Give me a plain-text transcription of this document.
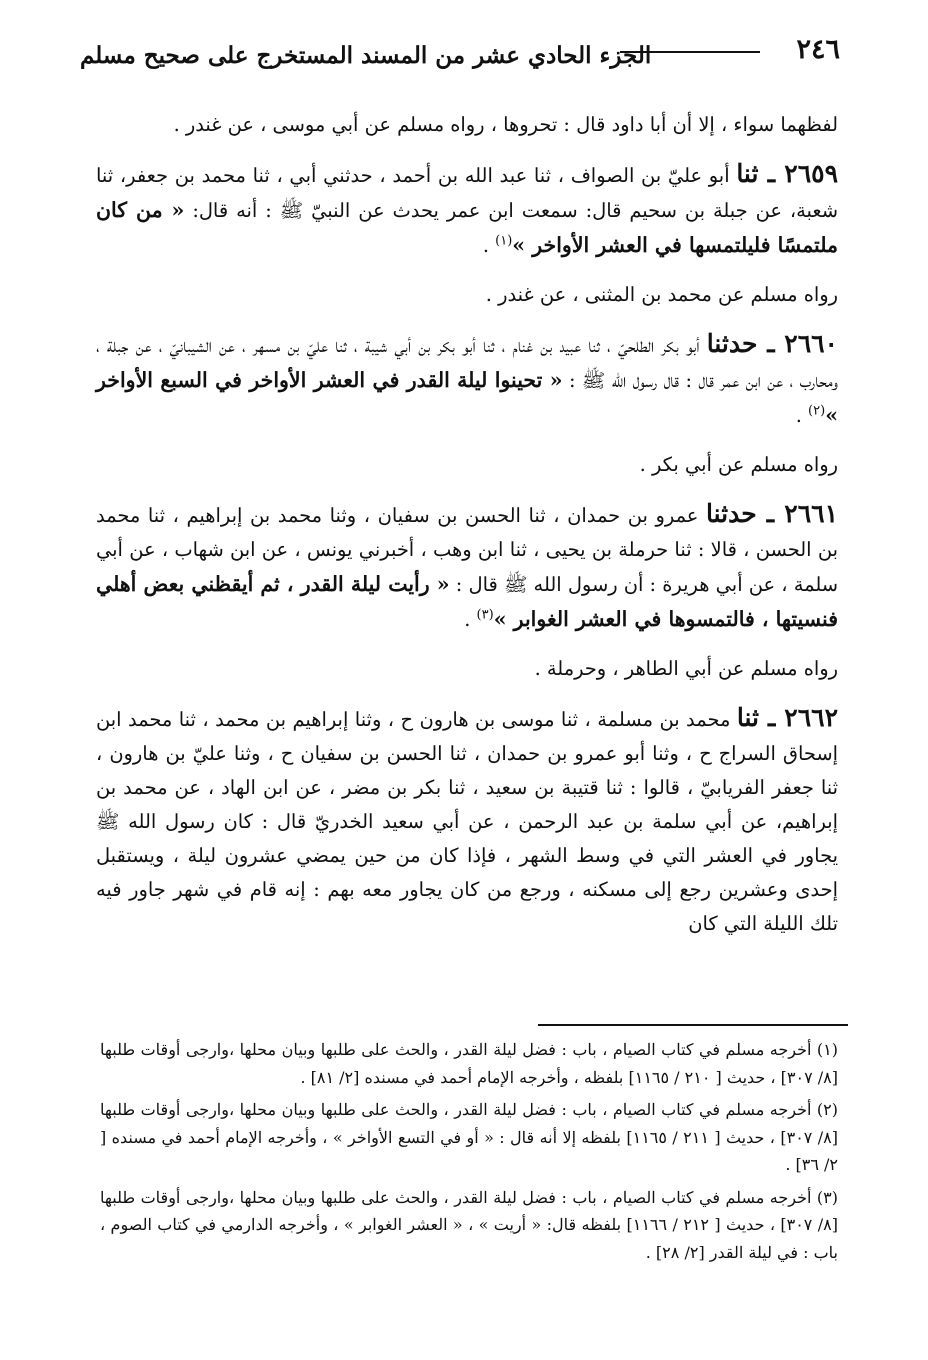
٢٤٦
الجزء الحادي عشر من المسند المستخرج على صحيح مسلم

لفظهما سواء ، إلا أن أبا داود قال : تحروها ، رواه مسلم عن أبي موسى ، عن غندر .

٢٦٥٩ ـ ثنا أبو عليّ بن الصواف ، ثنا عبد الله بن أحمد ، حدثني أبي ، ثنا محمد بن جعفر، ثنا شعبة، عن جبلة بن سحيم قال: سمعت ابن عمر يحدث عن النبيّ ﷺ : أنه قال: « من كان ملتمسًا فليلتمسها في العشر الأواخر »$^{(١)}$ .

رواه مسلم عن محمد بن المثنى ، عن غندر .

٢٦٦٠ ـ حدثنا أبو بكر الطلحيّ ، ثنا عبيد بن غنام ، ثنا أبو بكر بن أبي شيبة ، ثنا عليّ بن مسهر ، عن الشيبانيّ ، عن جبلة ، ومحارب ، عن ابن عمر قال : قال رسول الله ﷺ : « تحينوا ليلة القدر في العشر الأواخر في السبع الأواخر »$^{(٢)}$ .

رواه مسلم عن أبي بكر .

٢٦٦١ ـ حدثنا عمرو بن حمدان ، ثنا الحسن بن سفيان ، وثنا محمد بن إبراهيم ، ثنا محمد بن الحسن ، قالا : ثنا حرملة بن يحيى ، ثنا ابن وهب ، أخبرني يونس ، عن ابن شهاب ، عن أبي سلمة ، عن أبي هريرة : أن رسول الله ﷺ قال : « رأيت ليلة القدر ، ثم أيقظني بعض أهلي فنسيتها ، فالتمسوها في العشر الغوابر »$^{(٣)}$ .

رواه مسلم عن أبي الطاهر ، وحرملة .

٢٦٦٢ ـ ثنا محمد بن مسلمة ، ثنا موسى بن هارون ح ، وثنا إبراهيم بن محمد ، ثنا محمد ابن إسحاق السراج ح ، وثنا أبو عمرو بن حمدان ، ثنا الحسن بن سفيان ح ، وثنا عليّ بن هارون ، ثنا جعفر الفريابيّ ، قالوا : ثنا قتيبة بن سعيد ، ثنا بكر بن مضر ، عن ابن الهاد ، عن محمد بن إبراهيم، عن أبي سلمة بن عبد الرحمن ، عن أبي سعيد الخدريّ قال : كان رسول الله ﷺ يجاور في العشر التي في وسط الشهر ، فإذا كان من حين يمضي عشرون ليلة ، ويستقبل إحدى وعشرين رجع إلى مسكنه ، ورجع من كان يجاور معه بهم : إنه قام في شهر جاور فيه تلك الليلة التي كان

(١) أخرجه مسلم في كتاب الصيام ، باب : فضل ليلة القدر ، والحث على طلبها وبيان محلها ،وارجى أوقات طلبها [٨/ ٣٠٧] ، حديث [ ٢١٠ / ١١٦٥] بلفظه ، وأخرجه الإمام أحمد في مسنده [٢/ ٨١] .

(٢) أخرجه مسلم في كتاب الصيام ، باب : فضل ليلة القدر ، والحث على طلبها وبيان محلها ،وارجى أوقات طلبها [٨/ ٣٠٧] ، حديث [ ٢١١ / ١١٦٥] بلفظه إلا أنه قال : « أو في التسع الأواخر » ، وأخرجه الإمام أحمد في مسنده [ ٢/ ٣٦] .

(٣) أخرجه مسلم في كتاب الصيام ، باب : فضل ليلة القدر ، والحث على طلبها وبيان محلها ،وارجى أوقات طلبها [٨/ ٣٠٧] ، حديث [ ٢١٢ / ١١٦٦] بلفظه قال: « أريت » ، « العشر الغوابر » ، وأخرجه الدارمي في كتاب الصوم ، باب : في ليلة القدر [٢/ ٢٨] .
